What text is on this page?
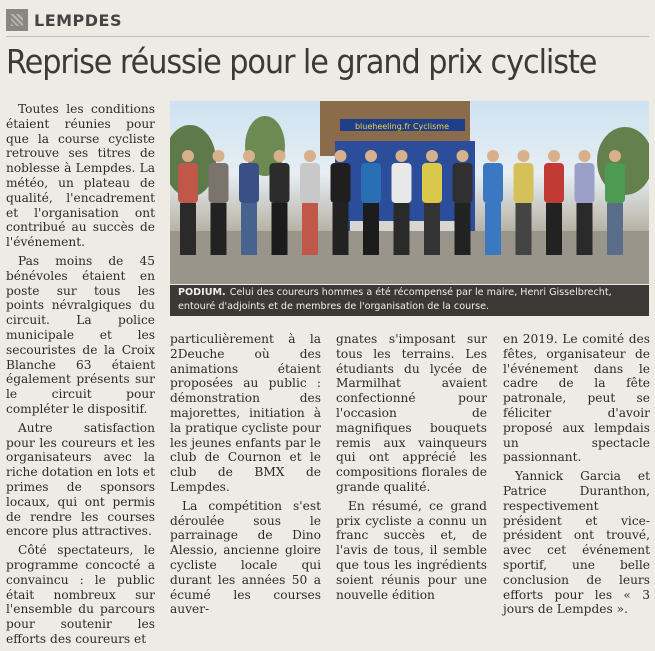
LEMPDES
Reprise réussie pour le grand prix cycliste

Toutes les conditions étaient réunies pour que la course cycliste retrouve ses titres de noblesse à Lempdes. La météo, un plateau de qualité, l'encadrement et l'organisation ont contribué au succès de l'événement.

Pas moins de 45 bénévoles étaient en poste sur tous les points névralgiques du circuit. La police municipale et les secouristes de la Croix Blanche 63 étaient également présents sur le circuit pour compléter le dispositif.

Autre satisfaction pour les coureurs et les organisateurs avec la riche dotation en lots et primes de sponsors locaux, qui ont permis de rendre les courses encore plus attractives.

Côté spectateurs, le programme concocté a convaincu : le public était nombreux sur l'ensemble du parcours pour soutenir les efforts des coureurs et

blueheeling.fr Cyclisme
PODIUM. Celui des coureurs hommes a été récompensé par le maire, Henri Gisselbrecht, entouré d'adjoints et de membres de l'organisation de la course.

particulièrement à la 2Deuche où des animations étaient proposées au public : démonstration des majorettes, initiation à la pratique cycliste pour les jeunes enfants par le club de Cournon et le club de BMX de Lempdes.

La compétition s'est déroulée sous le parrainage de Dino Alessio, ancienne gloire cycliste locale qui durant les années 50 a écumé les courses auver-

gnates s'imposant sur tous les terrains. Les étudiants du lycée de Marmilhat avaient confectionné pour l'occasion de magnifiques bouquets remis aux vainqueurs qui ont apprécié les compositions florales de grande qualité.

En résumé, ce grand prix cycliste a connu un franc succès et, de l'avis de tous, il semble que tous les ingrédients soient réunis pour une nouvelle édition

en 2019. Le comité des fêtes, organisateur de l'événement dans le cadre de la fête patronale, peut se féliciter d'avoir proposé aux lempdais un spectacle passionnant.

Yannick Garcia et Patrice Duranthon, respectivement président et vice-président ont trouvé, avec cet événement sportif, une belle conclusion de leurs efforts pour les « 3 jours de Lempdes ».
